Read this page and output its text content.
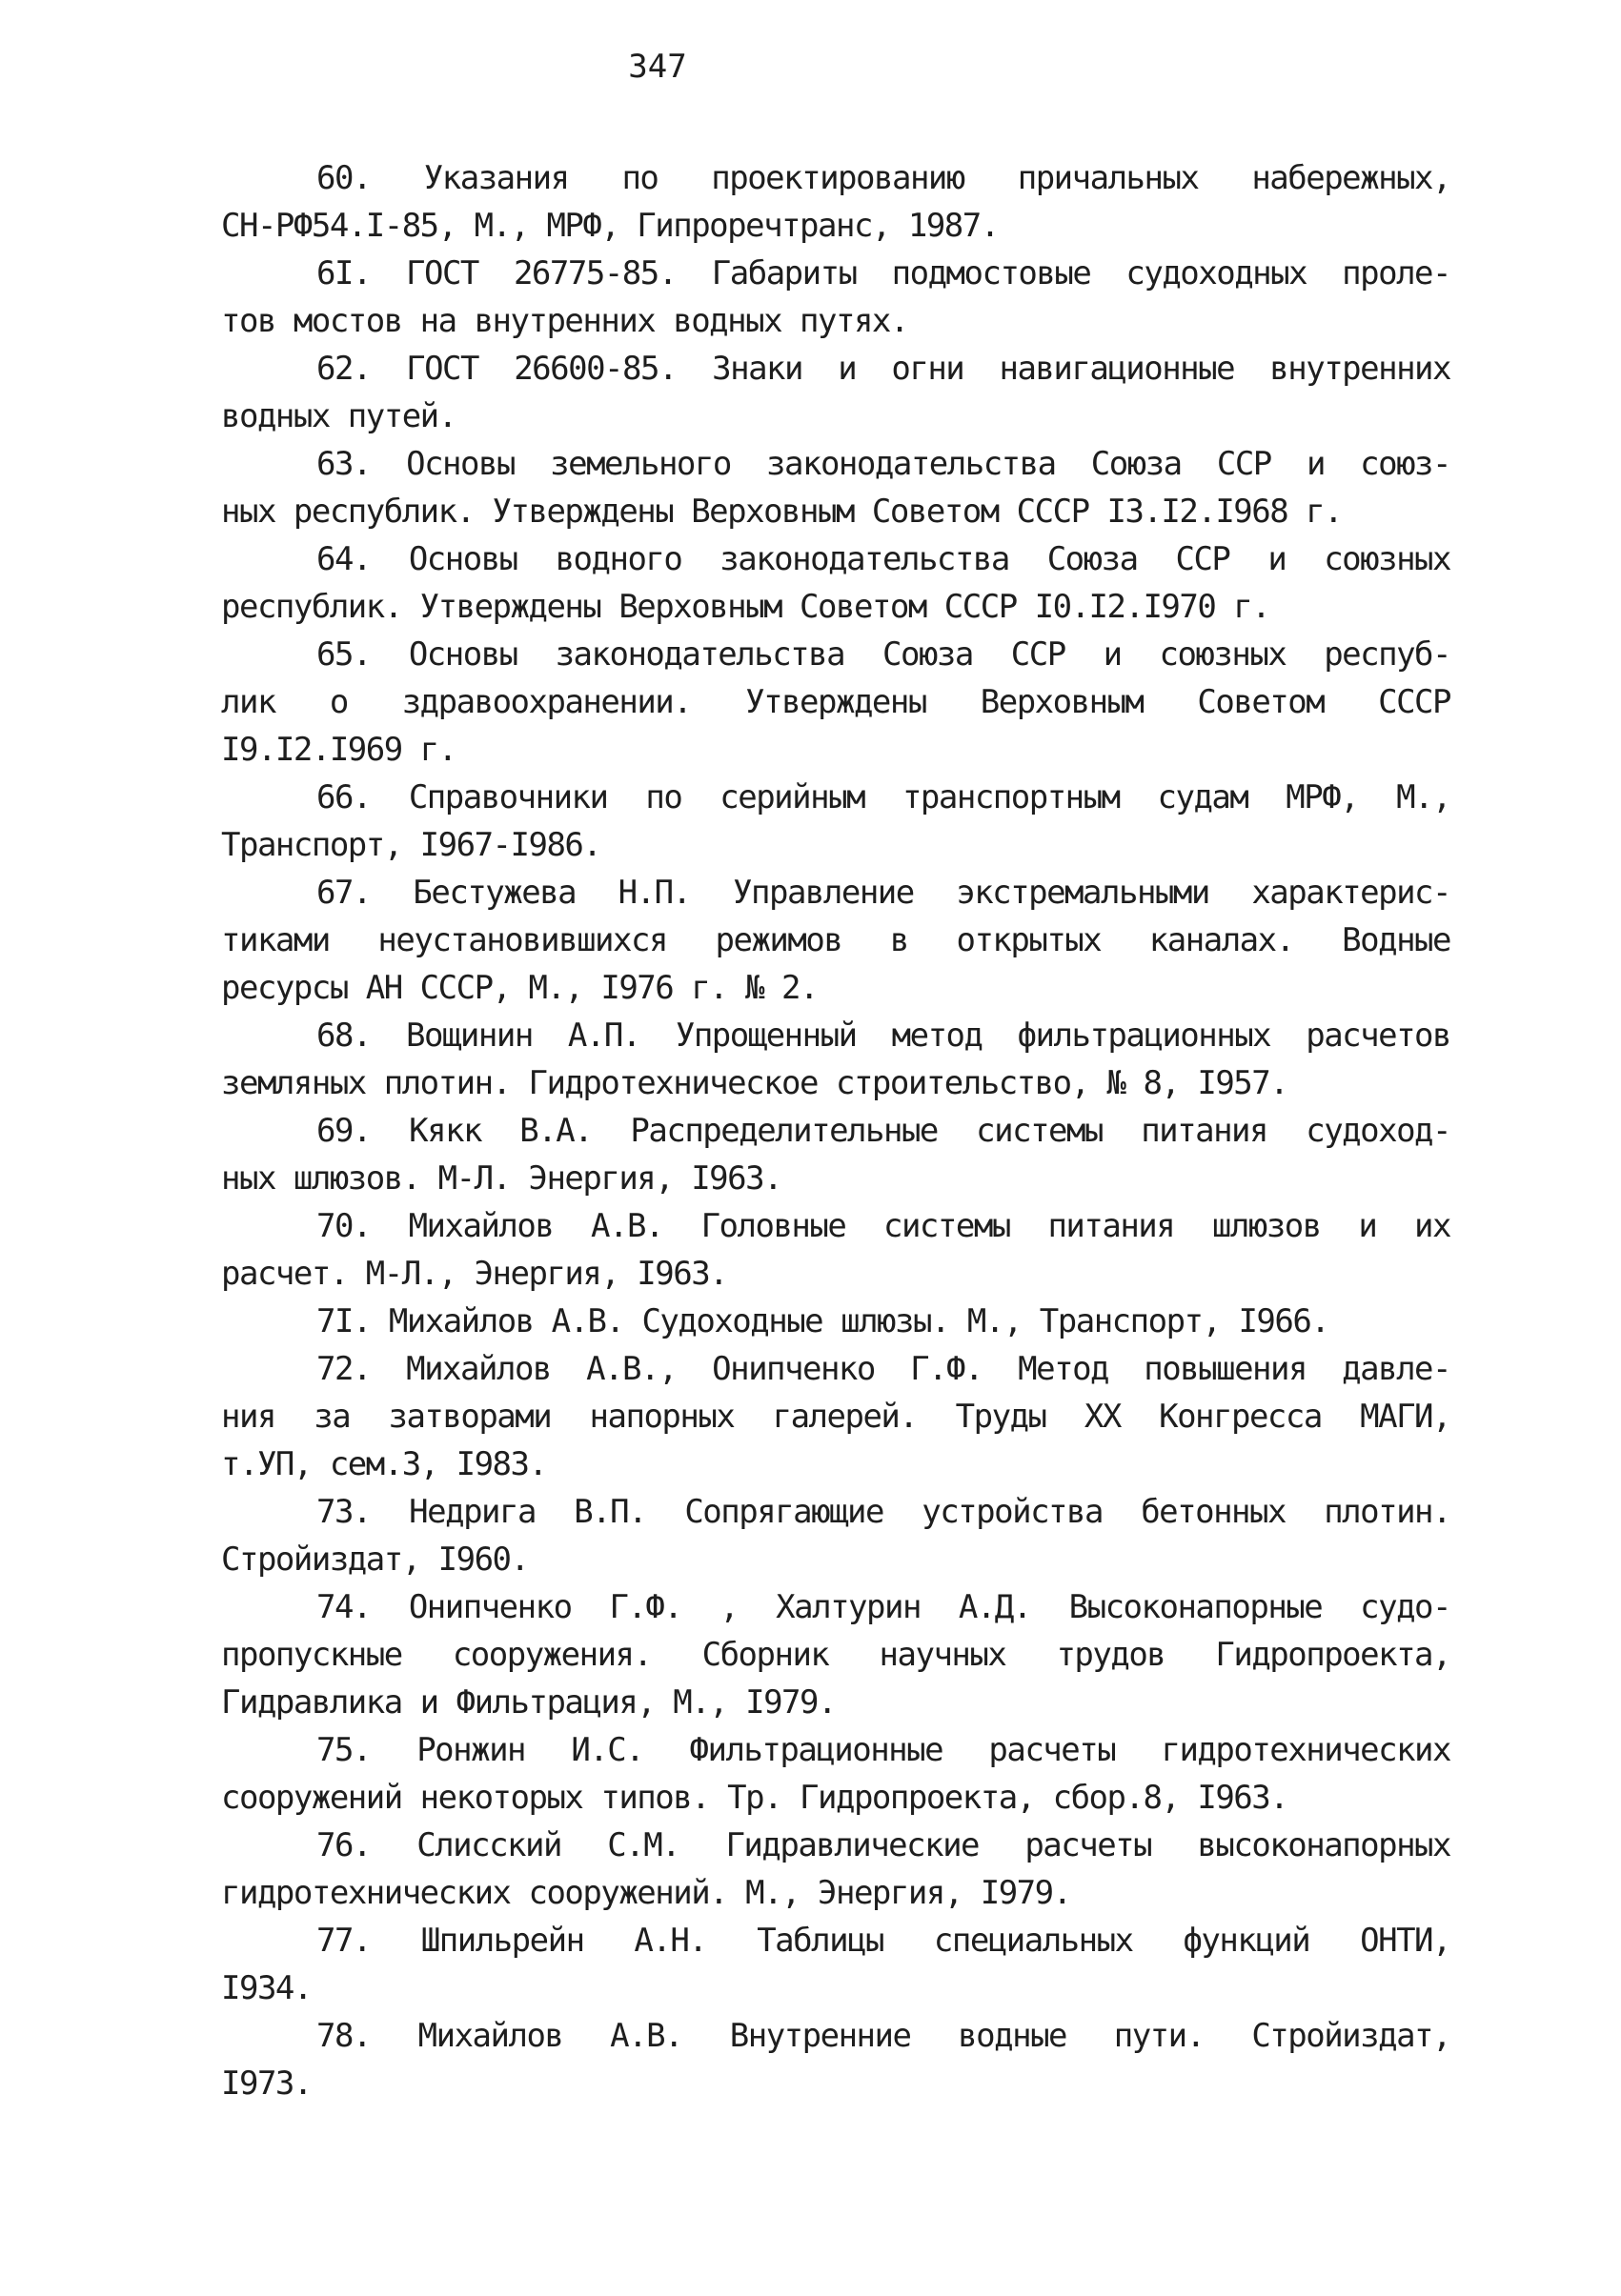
347
60. Указания по проектированию причальных набережных,
СН-РФ54.I-85, М., МРФ, Гипроречтранс, 1987.
6I. ГОСТ 26775-85. Габариты подмостовые судоходных проле-
тов мостов на внутренних водных путях.
62. ГОСТ 26600-85. Знаки и огни навигационные внутренних
водных путей.
63. Основы земельного законодательства Союза ССР и союз-
ных республик. Утверждены Верховным Советом СССР I3.I2.I968 г.
64. Основы водного законодательства Союза ССР и союзных
республик. Утверждены Верховным Советом СССР I0.I2.I970 г.
65. Основы законодательства Союза ССР и союзных респуб-
лик о здравоохранении. Утверждены Верховным Советом СССР
I9.I2.I969 г.
66. Справочники по серийным транспортным судам МРФ, М.,
Транспорт, I967-I986.
67. Бестужева Н.П. Управление экстремальными характерис-
тиками неустановившихся режимов в открытых каналах. Водные
ресурсы АН СССР, М., I976 г. № 2.
68. Вощинин А.П. Упрощенный метод фильтрационных расчетов
земляных плотин. Гидротехническое строительство, № 8, I957.
69. Кякк В.А. Распределительные системы питания судоход-
ных шлюзов. М-Л. Энергия, I963.
70. Михайлов А.В. Головные системы питания шлюзов и их
расчет. М-Л., Энергия, I963.
7I. Михайлов А.В. Судоходные шлюзы. М., Транспорт, I966.
72. Михайлов А.В., Онипченко Г.Ф. Метод повышения давле-
ния за затворами напорных галерей. Труды XX Конгресса МАГИ,
т.УП, сем.3, I983.
73. Недрига В.П. Сопрягающие устройства бетонных плотин.
Стройиздат, I960.
74. Онипченко Г.Ф. , Халтурин А.Д. Высоконапорные судо-
пропускные сооружения. Сборник научных трудов Гидропроекта,
Гидравлика и Фильтрация, М., I979.
75. Ронжин И.С. Фильтрационные расчеты гидротехнических
сооружений некоторых типов. Тр. Гидропроекта, сбор.8, I963.
76. Слисский С.М. Гидравлические расчеты высоконапорных
гидротехнических сооружений. М., Энергия, I979.
77. Шпильрейн А.Н. Таблицы специальных функций ОНТИ,
I934.
78. Михайлов А.В. Внутренние водные пути. Стройиздат,
I973.
